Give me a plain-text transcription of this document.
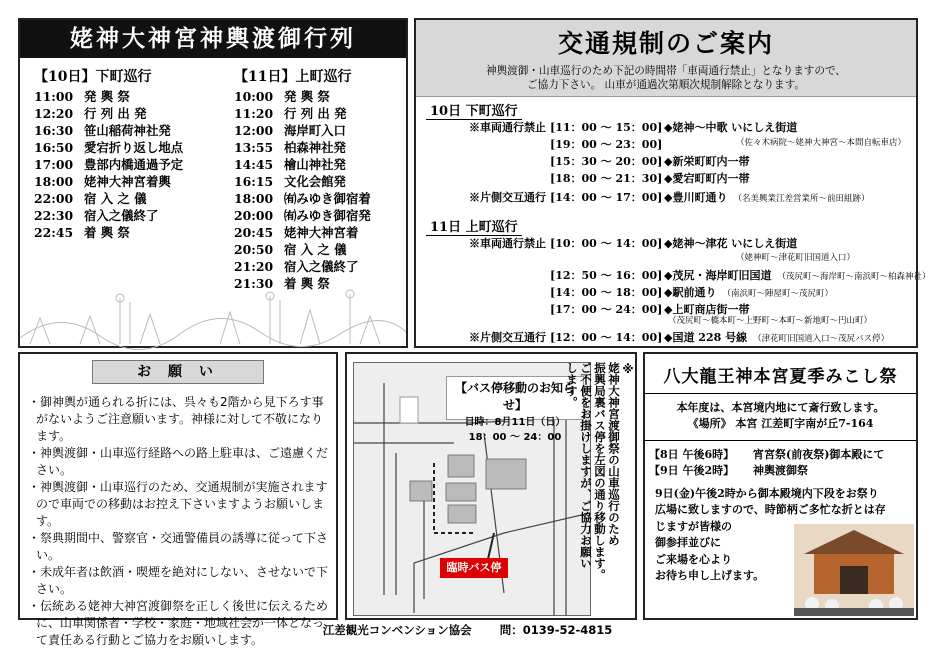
姥神大神宮神輿渡御行列
【10日】下町巡行
11:00 発 輿 祭
12:20 行 列 出 発
16:30 笹山稲荷神社発
16:50 愛宕折り返し地点
17:00 豊部内橋通過予定
18:00 姥神大神宮着輿
22:00 宿 入 之 儀
22:30 宿入之儀終了
22:45 着 輿 祭
【11日】上町巡行
10:00 発 輿 祭
11:20 行 列 出 発
12:00 海岸町入口
13:55 柏森神社発
14:45 檜山神社発
16:15 文化会館発
18:00 ㈲みゆき御宿着
20:00 ㈲みゆき御宿発
20:45 姥神大神宮着
20:50 宿 入 之 儀
21:20 宿入之儀終了
21:30 着 輿 祭
交通規制のご案内
神輿渡御・山車巡行のため下記の時間帯「車両通行禁止」となりますので、
ご協力下さい。 山車が通過次第順次規制解除となります。
10日 下町巡行
※車両通行禁止 [11：00 ～ 15：00] ◆姥神～中歌 いにしえ街道
[19：00 ～ 23：00]
[15：30 ～ 20：00] ◆新栄町町内一帯
[18：00 ～ 21：30] ◆愛宕町町内一帯
※片側交互通行 [14：00 ～ 17：00] ◆豊川町通り （名美興業江差営業所～前田組跡）
（佐々木病院～姥神大神宮～本間自転車店）
11日 上町巡行
※車両通行禁止 [10：00 ～ 14：00] ◆姥神～津花 いにしえ街道
[12：50 ～ 16：00] ◆茂尻・海岸町旧国道 （茂尻町～海岸町～南浜町～柏森神社）
[14：00 ～ 18：00] ◆駅前通り （南浜町～陣屋町～茂尻町）
[17：00 ～ 24：00] ◆上町商店街一帯
※片側交互通行 [12：00 ～ 14：00] ◆国道 228 号線 （津花町旧国道入口～茂尻バス停）
（姥神町～津花町旧国道入口）
（茂尻町～橋本町～上野町～本町～新地町～円山町）
お 願 い
・御神輿が通られる折には、呉々も2階から見下ろす事がないようご注意願います。神様に対して不敬になります。
・神輿渡御・山車巡行経路への路上駐車は、ご遠慮ください。
・神輿渡御・山車巡行のため、交通規制が実施されますので車両での移動はお控え下さいますようお願いします。
・祭典期間中、警察官・交通警備員の誘導に従って下さい。
・未成年者は飲酒・喫煙を絶対にしない、させないで下さい。
・伝統ある姥神大神宮渡御祭を正しく後世に伝えるために、山車関係者・学校・家庭・地域社会が一体となって責任ある行動とご協力をお願いします。
【バス停移動のお知らせ】
日時：8月11日（日）
18：00 ～ 24：00
臨時バス停
※
姥神大神宮渡御祭の山車巡行のため
振興局裏バス停を左図の通り移動します。
ご不便をお掛けしますが、ご協力お願い
します。	八大龍王神本宮夏季みこし祭
本年度は、本宮境内地にて斎行致します。
《場所》 本宮 江差町字南が丘7-164
【8日 午後6時】 宵宮祭(前夜祭)御本殿にて
【9日 午後2時】 神輿渡御祭
9日(金)午後2時から御本殿境内下段をお祭り
広場に致しますので、時節柄ご多忙な折とは存
じますが皆様の
御参拝並びに
ご来場を心より
お待ち申し上げます。
江差観光コンベンション協会 問：0139-52-4815
